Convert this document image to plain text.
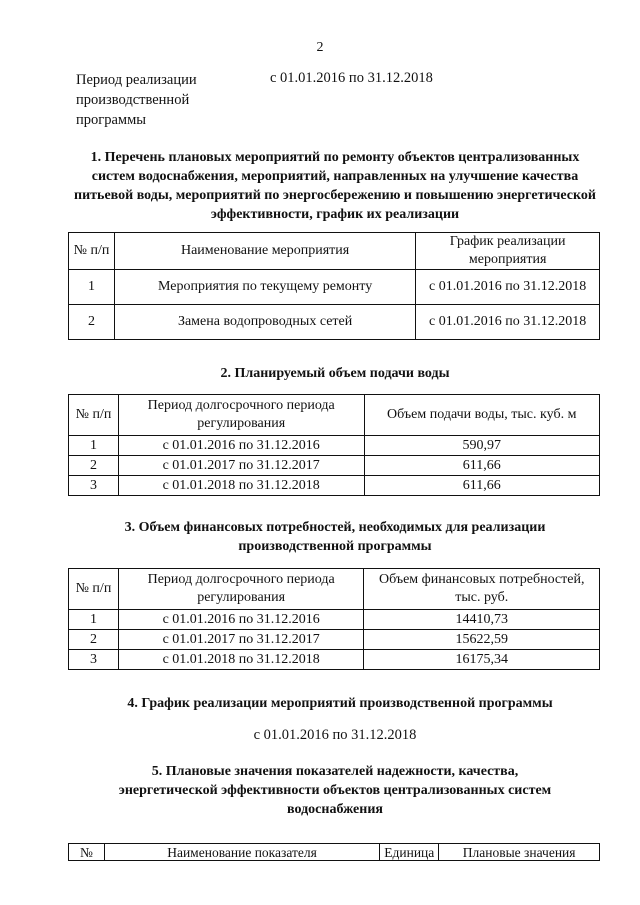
2
Период реализации производственной программы
с 01.01.2016 по 31.12.2018
1. Перечень плановых мероприятий по ремонту объектов централизованных систем водоснабжения, мероприятий, направленных на улучшение качества питьевой воды, мероприятий по энергосбережению и повышению энергетической эффективности, график их реализации
№ п/п	Наименование мероприятия	График реализации мероприятия
1	Мероприятия по текущему ремонту	с 01.01.2016 по 31.12.2018
2	Замена водопроводных сетей	с 01.01.2016 по 31.12.2018
2. Планируемый объем подачи воды
№ п/п	Период долгосрочного периода регулирования	Объем подачи воды, тыс. куб. м
1	с 01.01.2016 по 31.12.2016	590,97
2	с 01.01.2017 по 31.12.2017	611,66
3	с 01.01.2018 по 31.12.2018	611,66
3. Объем финансовых потребностей, необходимых для реализации производственной программы
№ п/п	Период долгосрочного периода регулирования	Объем финансовых потребностей, тыс. руб.
1	с 01.01.2016 по 31.12.2016	14410,73
2	с 01.01.2017 по 31.12.2017	15622,59
3	с 01.01.2018 по 31.12.2018	16175,34
4. График реализации мероприятий производственной программы
с 01.01.2016 по 31.12.2018
5. Плановые значения показателей надежности, качества, энергетической эффективности объектов централизованных систем водоснабжения
№	Наименование показателя	Единица	Плановые значения
